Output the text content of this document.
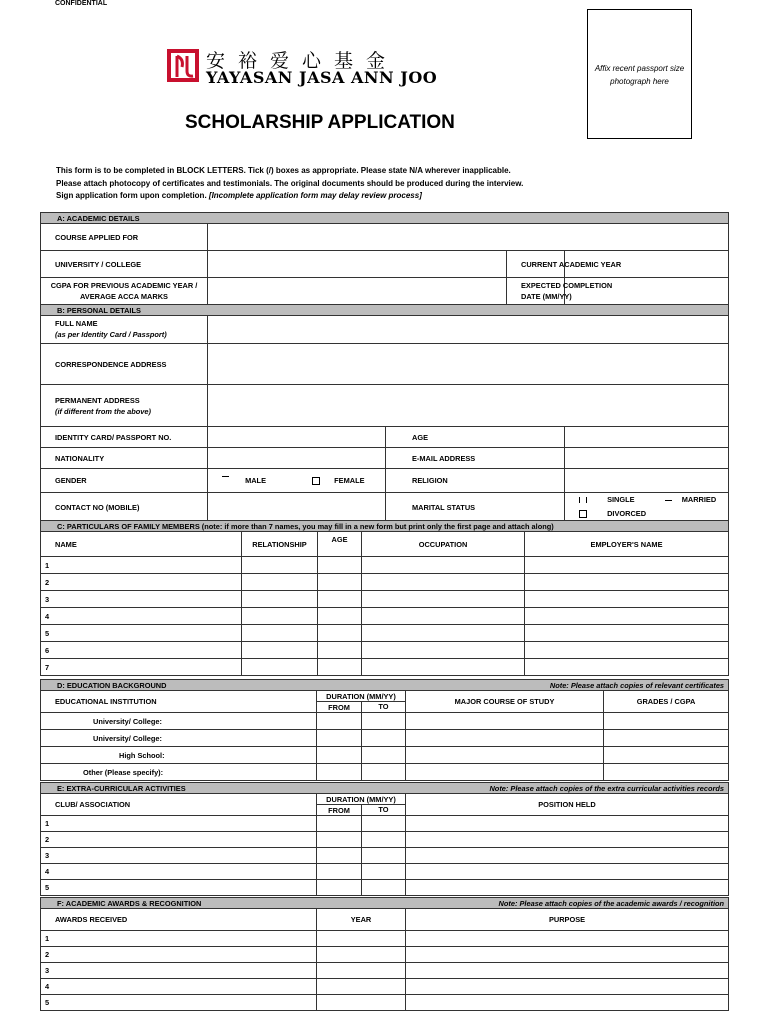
CONFIDENTIAL
Affix recent passport size
photograph here
安裕爱心基金
YAYASAN JASA ANN JOO
SCHOLARSHIP APPLICATION
This form is to be completed in BLOCK LETTERS. Tick (/) boxes as appropriate. Please state N/A wherever inapplicable.
Please attach photocopy of certificates and testimonials. The original documents should be produced during the interview.
Sign application form upon completion. [Incomplete application form may delay review process]
A: ACADEMIC DETAILS				
COURSE APPLIED FOR				
UNIVERSITY / COLLEGE			CURRENT ACADEMIC YEAR	
CGPA FOR PREVIOUS ACADEMIC YEAR /
AVERAGE ACCA MARKS			EXPECTED COMPLETION
DATE (MM/YY)	
B: PERSONAL DETAILS				
FULL NAME
(as per Identity Card / Passport)				
CORRESPONDENCE ADDRESS				
PERMANENT ADDRESS
(if different from the above)				
IDENTITY CARD/ PASSPORT NO.		AGE		
NATIONALITY		E-MAIL ADDRESS		
GENDER	MALE FEMALE	RELIGION		
CONTACT NO (MOBILE)		MARITAL STATUS		SINGLE MARRIED
DIVORCED
C: PARTICULARS OF FAMILY MEMBERS (note: if more than 7 names, you may fill in a new form but print only the first page and attach along)				
NAME	RELATIONSHIP	AGE	OCCUPATION	EMPLOYER'S NAME
1				
2				
3				
4				
5				
6				
7				
D: EDUCATION BACKGROUND Note: Please attach copies of relevant certificates				

EDUCATIONAL INSTITUTION	DURATION (MM/YY)		MAJOR COURSE OF STUDY	GRADES / CGPA
	FROM	TO		
University/ College:				
University/ College:				
High School:				
Other (Please specify):				
E: EXTRA-CURRICULAR ACTIVITIES Note: Please attach copies of the extra curricular activities records			

CLUB/ ASSOCIATION	DURATION (MM/YY)		POSITION HELD
	FROM	TO	
1			
2			
3			
4			
5			
F: ACADEMIC AWARDS & RECOGNITION Note: Please attach copies of the academic awards / recognition		

AWARDS RECEIVED	YEAR	PURPOSE
1		
2		
3		
4		
5		
